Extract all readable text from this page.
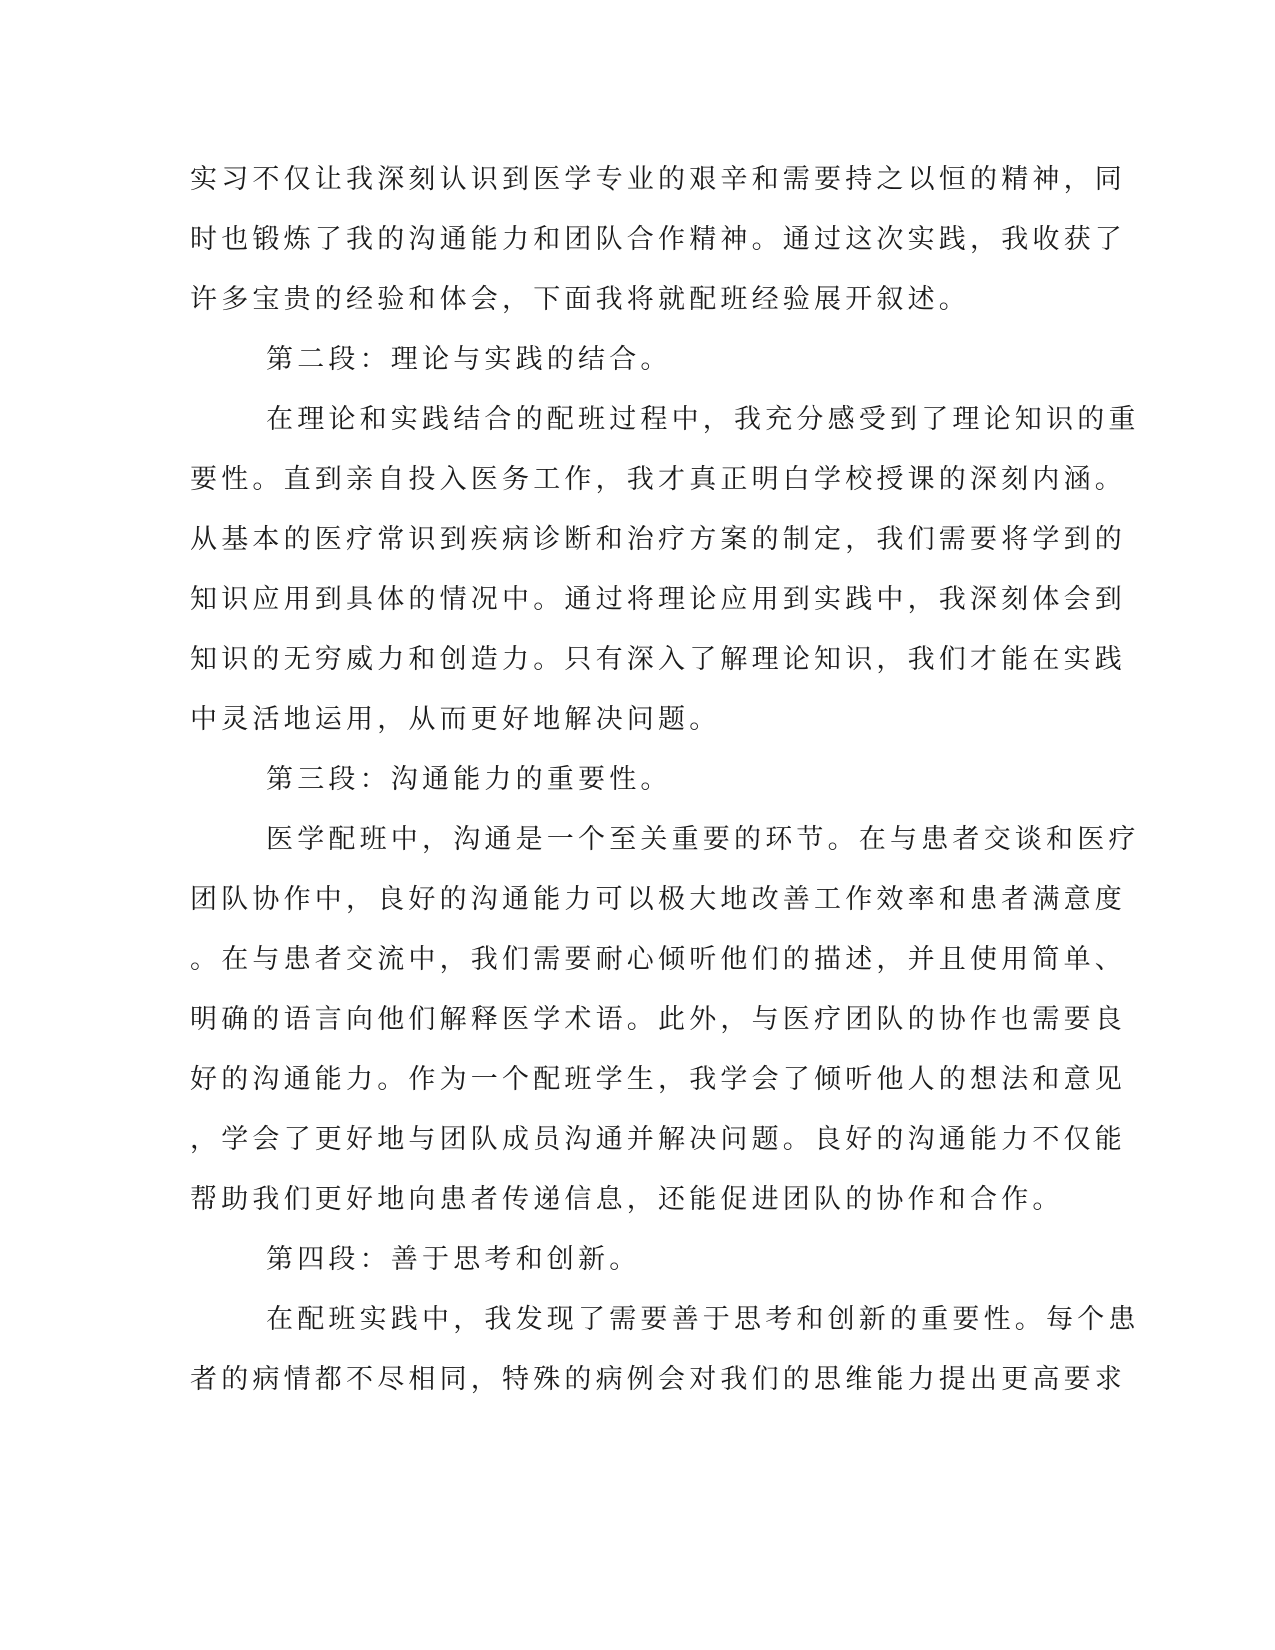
实习不仅让我深刻认识到医学专业的艰辛和需要持之以恒的精神，同
时也锻炼了我的沟通能力和团队合作精神。通过这次实践，我收获了
许多宝贵的经验和体会，下面我将就配班经验展开叙述。
第二段：理论与实践的结合。
在理论和实践结合的配班过程中，我充分感受到了理论知识的重
要性。直到亲自投入医务工作，我才真正明白学校授课的深刻内涵。
从基本的医疗常识到疾病诊断和治疗方案的制定，我们需要将学到的
知识应用到具体的情况中。通过将理论应用到实践中，我深刻体会到
知识的无穷威力和创造力。只有深入了解理论知识，我们才能在实践
中灵活地运用，从而更好地解决问题。
第三段：沟通能力的重要性。
医学配班中，沟通是一个至关重要的环节。在与患者交谈和医疗
团队协作中，良好的沟通能力可以极大地改善工作效率和患者满意度
。在与患者交流中，我们需要耐心倾听他们的描述，并且使用简单、
明确的语言向他们解释医学术语。此外，与医疗团队的协作也需要良
好的沟通能力。作为一个配班学生，我学会了倾听他人的想法和意见
，学会了更好地与团队成员沟通并解决问题。良好的沟通能力不仅能
帮助我们更好地向患者传递信息，还能促进团队的协作和合作。
第四段：善于思考和创新。
在配班实践中，我发现了需要善于思考和创新的重要性。每个患
者的病情都不尽相同，特殊的病例会对我们的思维能力提出更高要求
